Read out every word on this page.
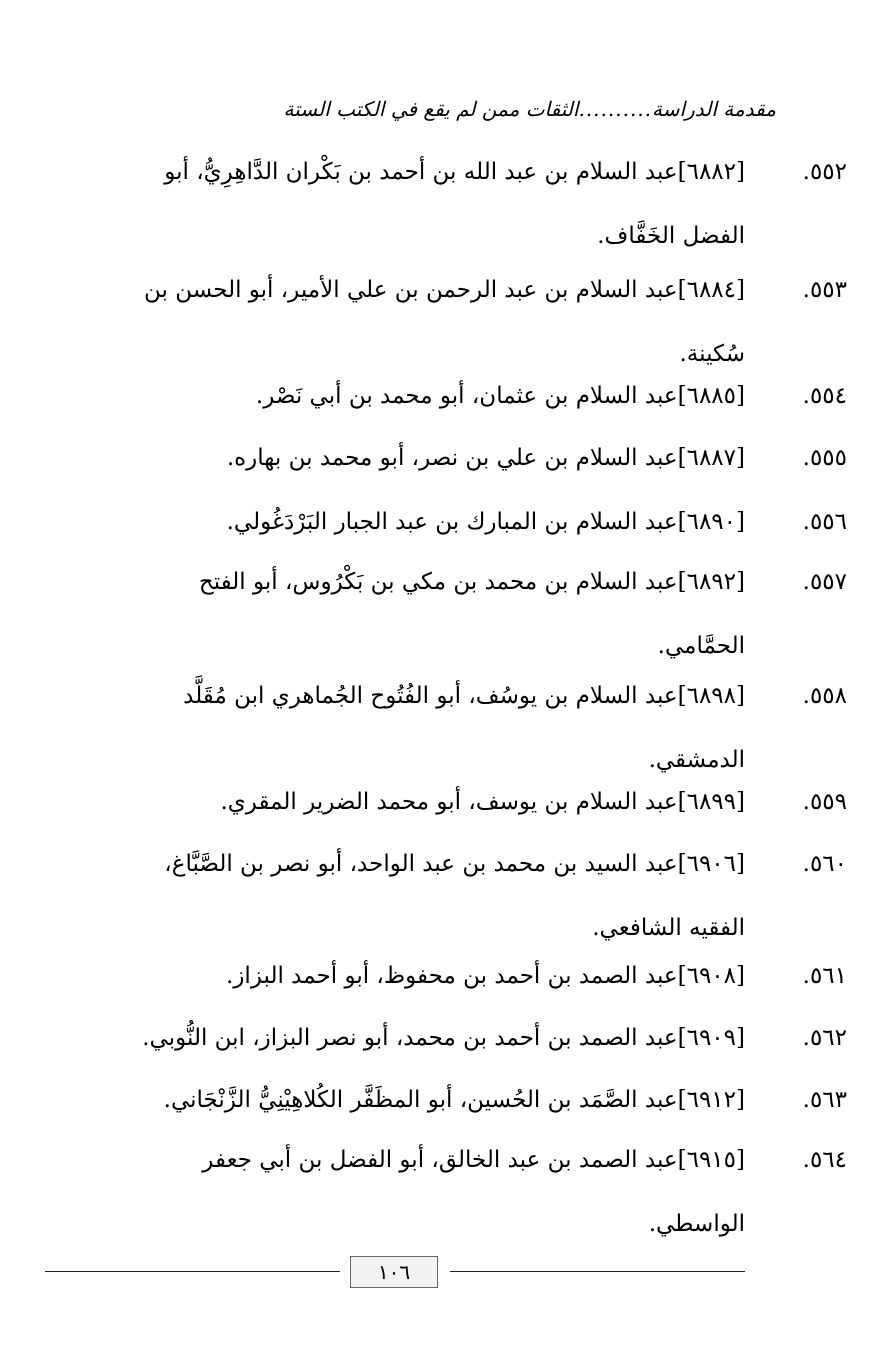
مقدمة الدراسة
..........
الثقات ممن لم يقع في الكتب الستة
٥٥٢.
[٦٨٨٢]عبد السلام بن عبد الله بن أحمد بن بَكْران الدَّاهِرِيُّ، أبو
الفضل الخَفَّاف.
٥٥٣.
[٦٨٨٤]عبد السلام بن عبد الرحمن بن علي الأمير، أبو الحسن بن
سُكينة.
٥٥٤.
[٦٨٨٥]عبد السلام بن عثمان، أبو محمد بن أبي نَصْر.
٥٥٥.
[٦٨٨٧]عبد السلام بن علي بن نصر، أبو محمد بن بهاره.
٥٥٦.
[٦٨٩٠]عبد السلام بن المبارك بن عبد الجبار البَرْدَغُولي.
٥٥٧.
[٦٨٩٢]عبد السلام بن محمد بن مكي بن بَكْرُوس، أبو الفتح
الحمَّامي.
٥٥٨.
[٦٨٩٨]عبد السلام بن يوسُف، أبو الفُتُوح الجُماهري ابن مُقَلَّد
الدمشقي.
٥٥٩.
[٦٨٩٩]عبد السلام بن يوسف، أبو محمد الضرير المقري.
٥٦٠.
[٦٩٠٦]عبد السيد بن محمد بن عبد الواحد، أبو نصر بن الصَّبَّاغ،
الفقيه الشافعي.
٥٦١.
[٦٩٠٨]عبد الصمد بن أحمد بن محفوظ، أبو أحمد البزاز.
٥٦٢.
[٦٩٠٩]عبد الصمد بن أحمد بن محمد، أبو نصر البزاز، ابن النُّوبي.
٥٦٣.
[٦٩١٢]عبد الصَّمَد بن الحُسين، أبو المظَفَّر الكُلاهِيْنِيُّ الزَّنْجَاني.
٥٦٤.
[٦٩١٥]عبد الصمد بن عبد الخالق، أبو الفضل بن أبي جعفر
الواسطي.
١٠٦
